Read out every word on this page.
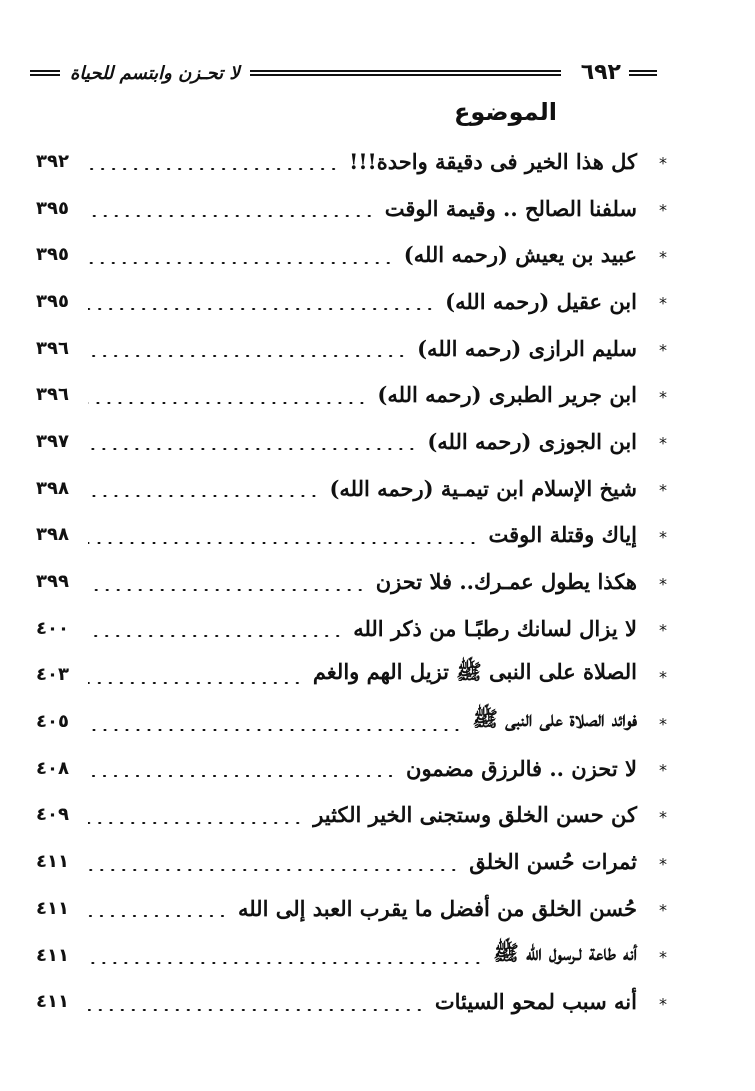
٦٩٢
لا تحـزن وابتسم للحياة
الموضوع
*
كل هذا الخير فى دقيقة واحدة!!!
٣٩٢
*
سلفنا الصالح .. وقيمة الوقت
٣٩٥
*
عبيد بن يعيش (رحمه الله)
٣٩٥
*
ابن عقيل (رحمه الله)
٣٩٥
*
سليم الرازى (رحمه الله)
٣٩٦
*
ابن جرير الطبرى (رحمه الله)
٣٩٦
*
ابن الجوزى (رحمه الله)
٣٩٧
*
شيخ الإسلام ابن تيمـية (رحمه الله)
٣٩٨
*
إياك وقتلة الوقت
٣٩٨
*
هكذا يطول عمـرك.. فلا تحزن
٣٩٩
*
لا يزال لسانك رطبًـا من ذكر الله
٤٠٠
*
الصلاة على النبى ﷺ تزيل الهم والغم
٤٠٣
*
فوائد الصلاة على النبى ﷺ
٤٠٥
*
لا تحزن .. فالرزق مضمون
٤٠٨
*
كن حسن الخلق وستجنى الخير الكثير
٤٠٩
*
ثمرات حُسن الخلق
٤١١
*
حُسن الخلق من أفضل ما يقرب العبد إلى الله
٤١١
*
أنه طاعة لـرسول الله ﷺ
٤١١
*
أنه سبب لمحو السيئات
٤١١
